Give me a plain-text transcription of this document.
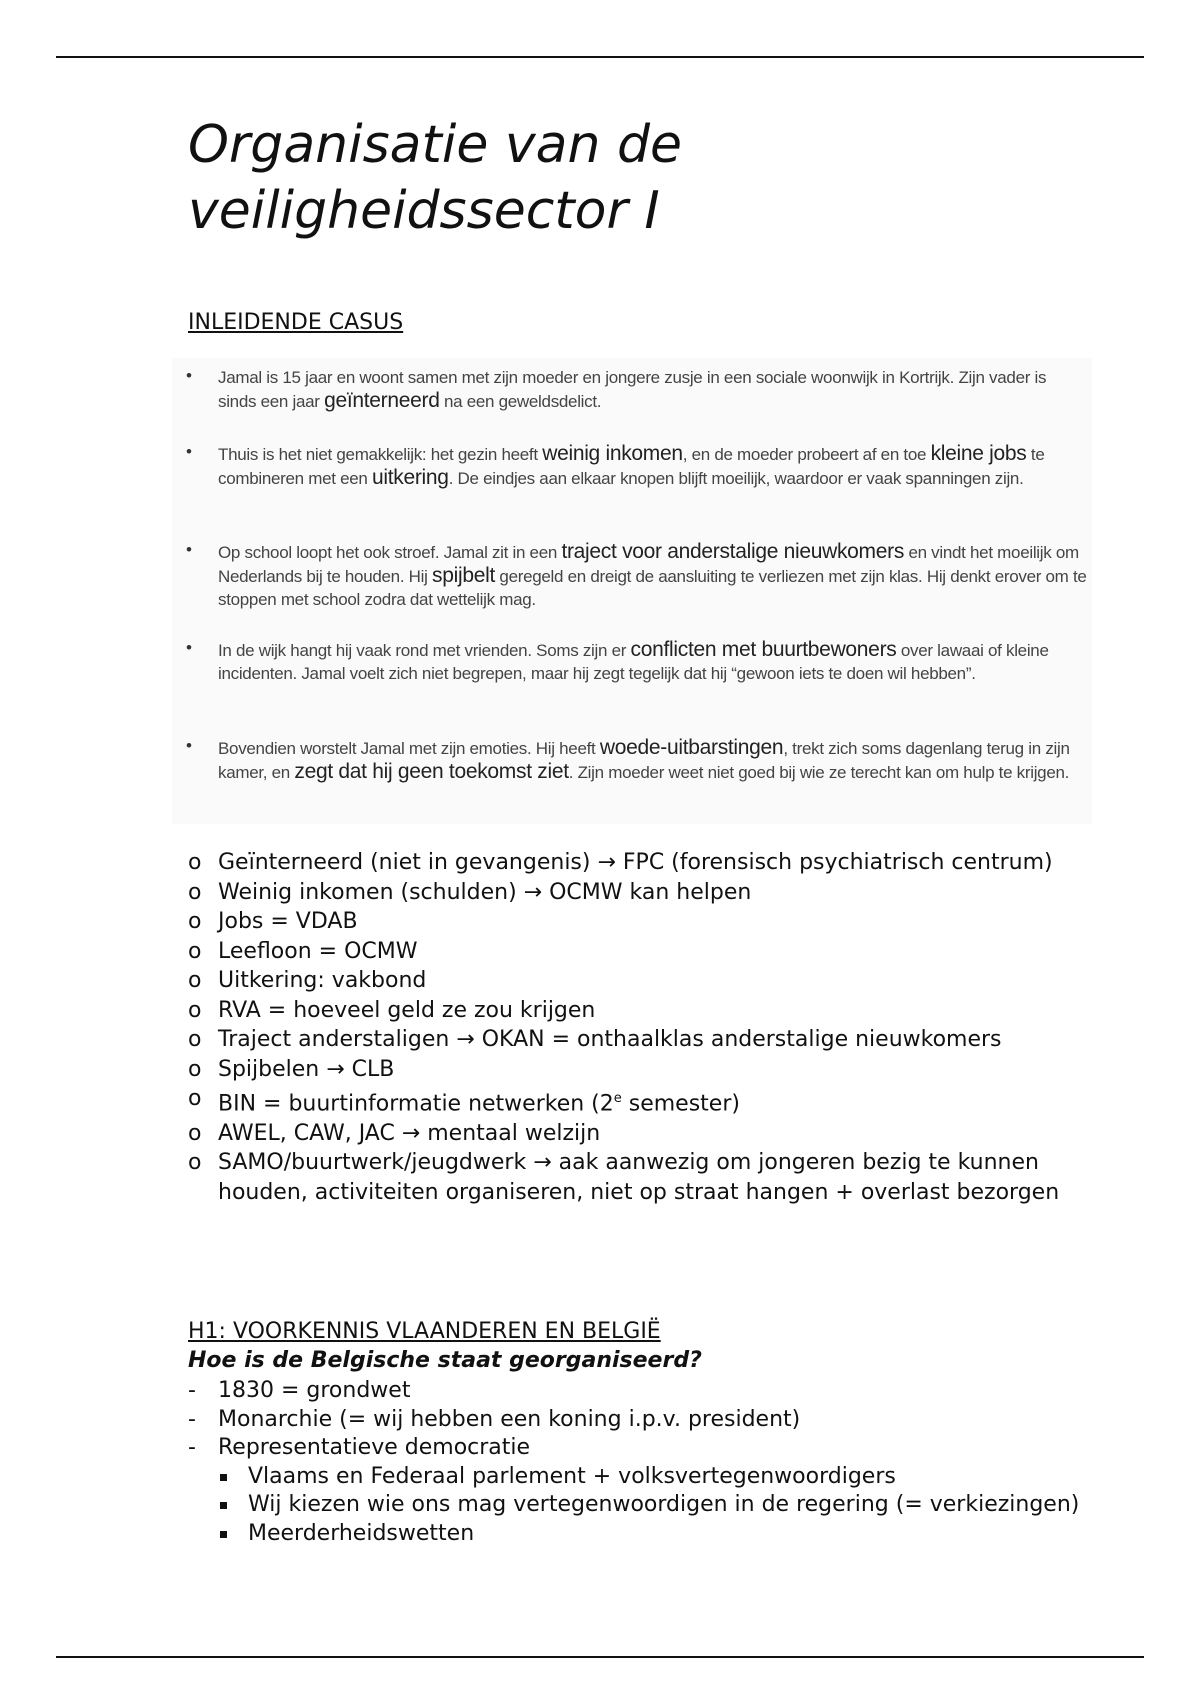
Organisatie van de
veiligheidssector I
INLEIDENDE CASUS
• Jamal is 15 jaar en woont samen met zijn moeder en jongere zusje in een sociale woonwijk in Kortrijk. Zijn vader is sinds een jaar geïnterneerd na een geweldsdelict.
• Thuis is het niet gemakkelijk: het gezin heeft weinig inkomen, en de moeder probeert af en toe kleine jobs te combineren met een uitkering. De eindjes aan elkaar knopen blijft moeilijk, waardoor er vaak spanningen zijn.
• Op school loopt het ook stroef. Jamal zit in een traject voor anderstalige nieuwkomers en vindt het moeilijk om Nederlands bij te houden. Hij spijbelt geregeld en dreigt de aansluiting te verliezen met zijn klas. Hij denkt erover om te stoppen met school zodra dat wettelijk mag.
• In de wijk hangt hij vaak rond met vrienden. Soms zijn er conflicten met buurtbewoners over lawaai of kleine incidenten. Jamal voelt zich niet begrepen, maar hij zegt tegelijk dat hij “gewoon iets te doen wil hebben”.
• Bovendien worstelt Jamal met zijn emoties. Hij heeft woede-uitbarstingen, trekt zich soms dagenlang terug in zijn kamer, en zegt dat hij geen toekomst ziet. Zijn moeder weet niet goed bij wie ze terecht kan om hulp te krijgen.
o Geïnterneerd (niet in gevangenis) → FPC (forensisch psychiatrisch centrum)
o Weinig inkomen (schulden) → OCMW kan helpen
o Jobs = VDAB
o Leefloon = OCMW
o Uitkering: vakbond
o RVA = hoeveel geld ze zou krijgen
o Traject anderstaligen → OKAN = onthaalklas anderstalige nieuwkomers
o Spijbelen → CLB
o BIN = buurtinformatie netwerken (2e semester)
o AWEL, CAW, JAC → mentaal welzijn
o SAMO/buurtwerk/jeugdwerk → aak aanwezig om jongeren bezig te kunnen houden, activiteiten organiseren, niet op straat hangen + overlast bezorgen
H1: VOORKENNIS VLAANDEREN EN BELGIË

Hoe is de Belgische staat georganiseerd?

- 1830 = grondwet
- Monarchie (= wij hebben een koning i.p.v. president)
- Representatieve democratie
Vlaams en Federaal parlement + volksvertegenwoordigers
Wij kiezen wie ons mag vertegenwoordigen in de regering (= verkiezingen)
Meerderheidswetten
